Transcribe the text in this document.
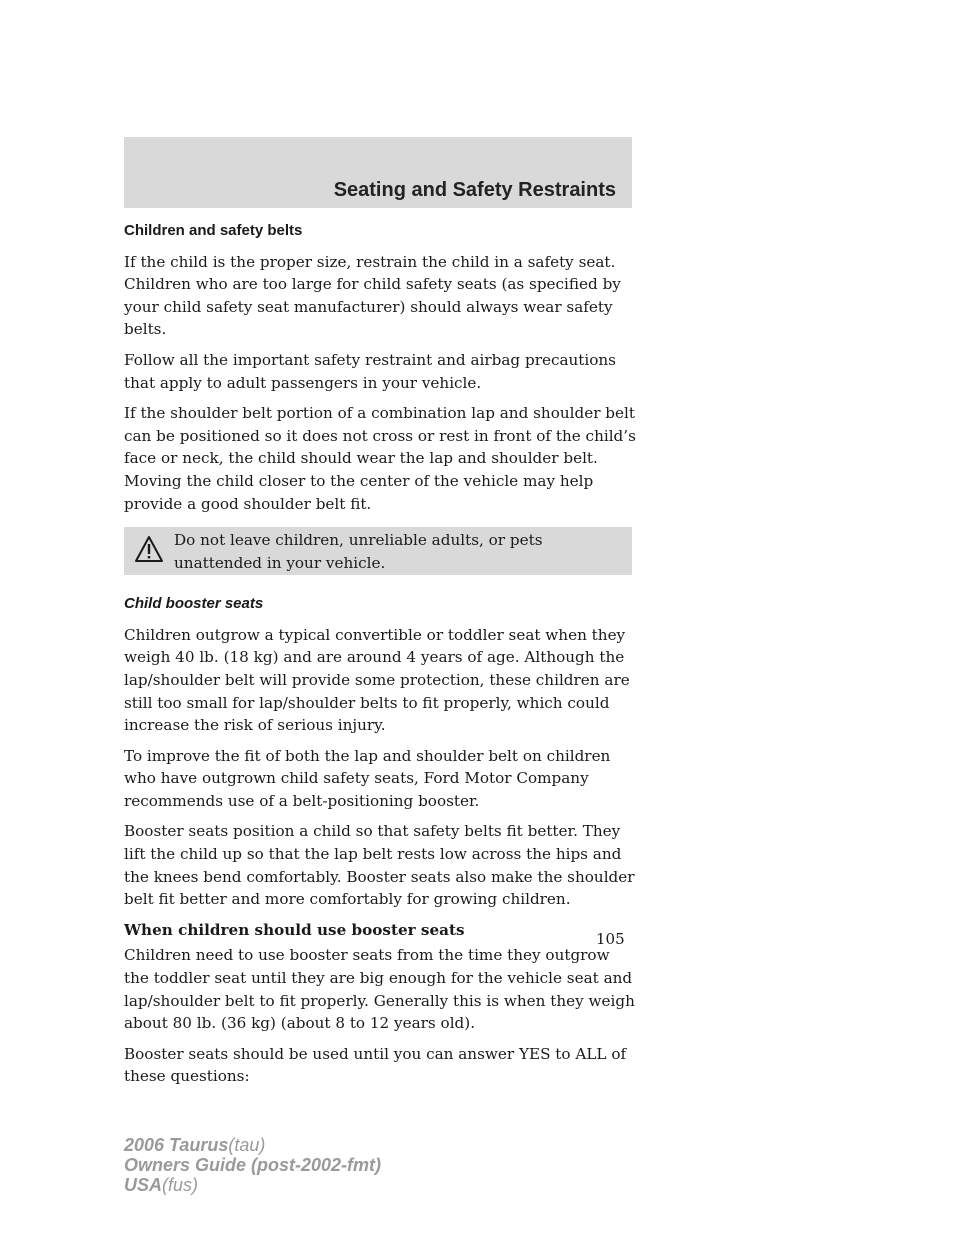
Seating and Safety Restraints
Children and safety belts

If the child is the proper size, restrain the child in a safety seat. Children who are too large for child safety seats (as specified by your child safety seat manufacturer) should always wear safety belts.

Follow all the important safety restraint and airbag precautions that apply to adult passengers in your vehicle.

If the shoulder belt portion of a combination lap and shoulder belt can be positioned so it does not cross or rest in front of the child’s face or neck, the child should wear the lap and shoulder belt. Moving the child closer to the center of the vehicle may help provide a good shoulder belt fit.

Do not leave children, unreliable adults, or pets unattended in your vehicle.
Child booster seats

Children outgrow a typical convertible or toddler seat when they weigh 40 lb. (18 kg) and are around 4 years of age. Although the lap/shoulder belt will provide some protection, these children are still too small for lap/shoulder belts to fit properly, which could increase the risk of serious injury.

To improve the fit of both the lap and shoulder belt on children who have outgrown child safety seats, Ford Motor Company recommends use of a belt-positioning booster.

Booster seats position a child so that safety belts fit better. They lift the child up so that the lap belt rests low across the hips and the knees bend comfortably. Booster seats also make the shoulder belt fit better and more comfortably for growing children.

When children should use booster seats

Children need to use booster seats from the time they outgrow the toddler seat until they are big enough for the vehicle seat and lap/shoulder belt to fit properly. Generally this is when they weigh about 80 lb. (36 kg) (about 8 to 12 years old).

Booster seats should be used until you can answer YES to ALL of these questions:

105
2006 Taurus(tau)
Owners Guide (post-2002-fmt)
USA(fus)
